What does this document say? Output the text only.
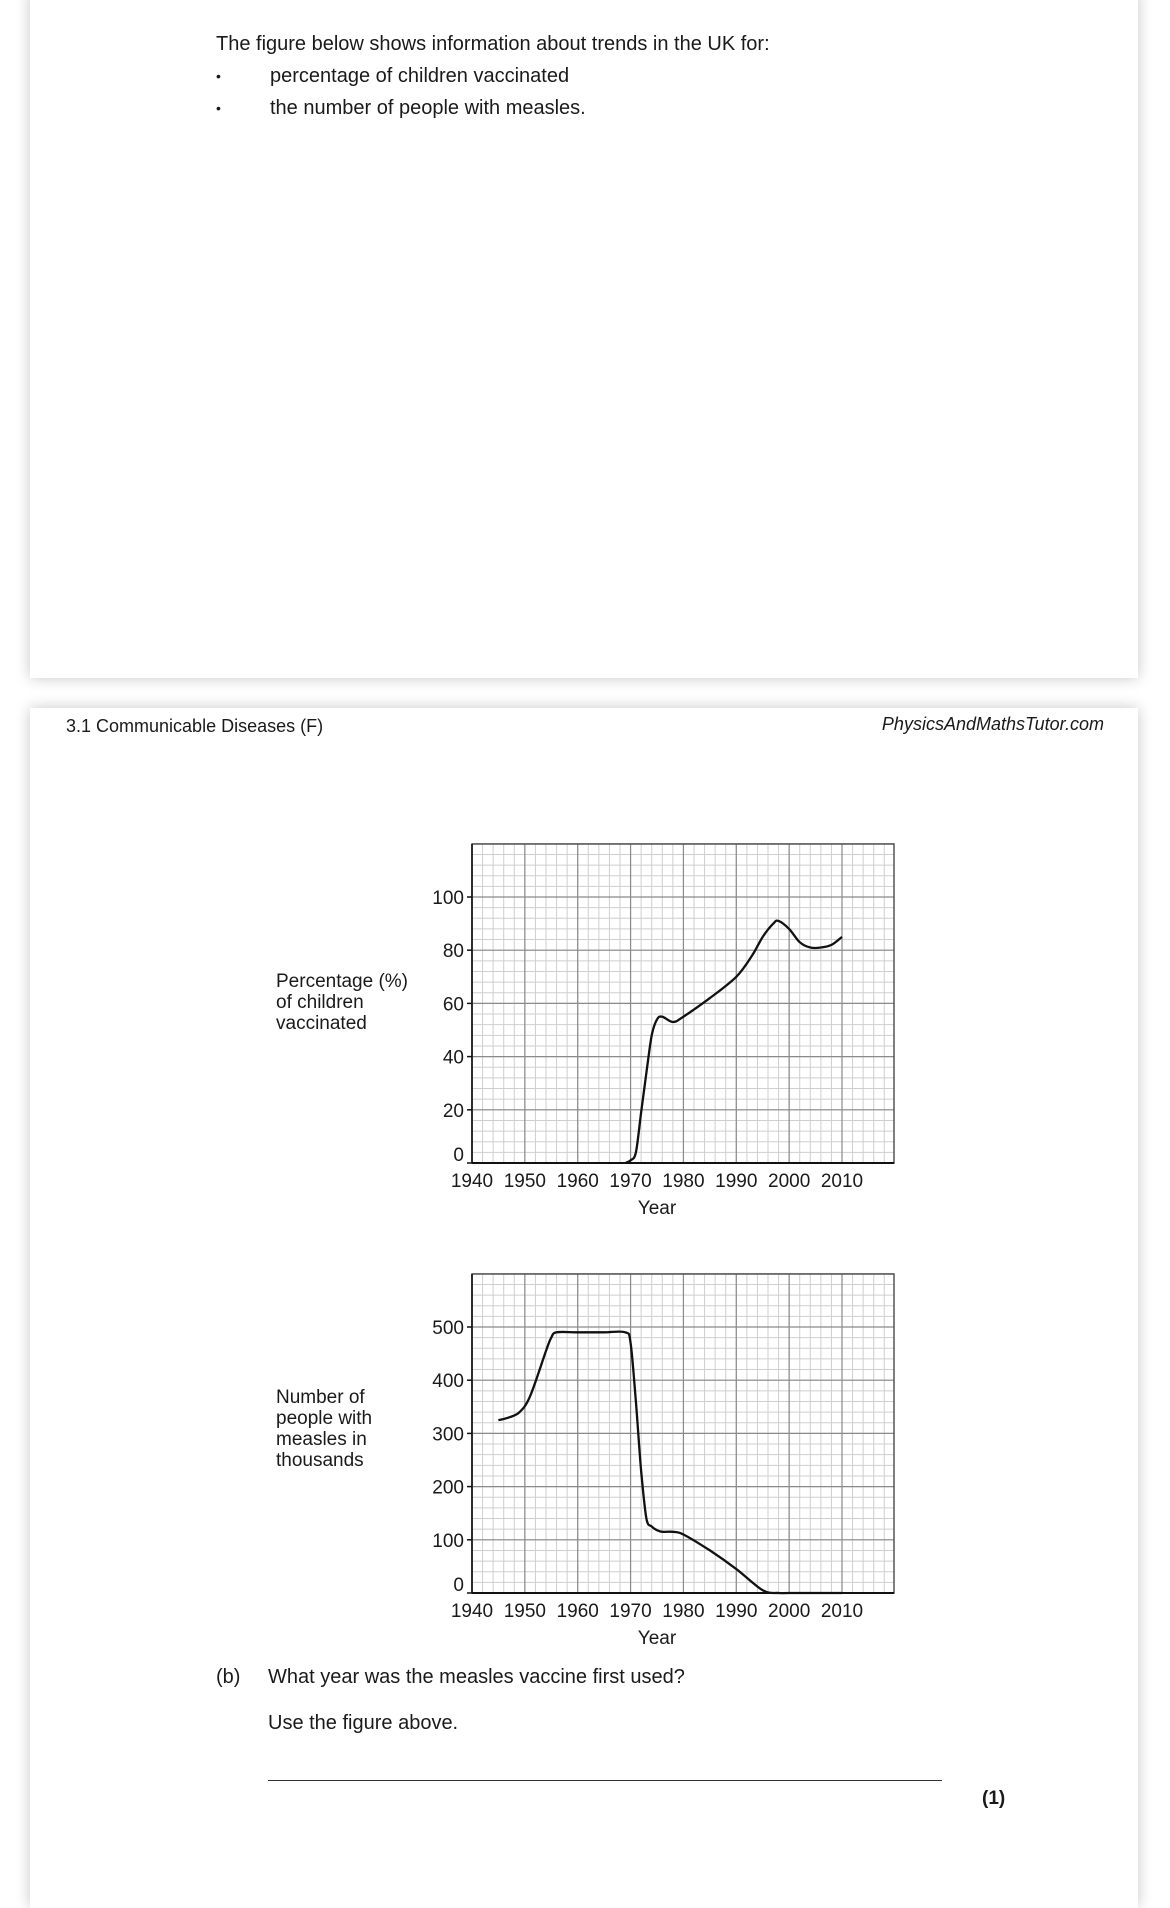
The figure below shows information about trends in the UK for:
• percentage of children vaccinated
• the number of people with measles.
3.1 Communicable Diseases (F)	PhysicsAndMathsTutor.com
0
20
40
60
80
100
1940 1950 1960 1970 1980 1990 2000 2010
Year
Percentage (%)
of children
vaccinated
0
100
200
300
400
500
1940 1950 1960 1970 1980 1990 2000 2010
Year
Number of
people with
measles in
thousands
(b) What year was the measles vaccine first used?
Use the figure above.
(1)
